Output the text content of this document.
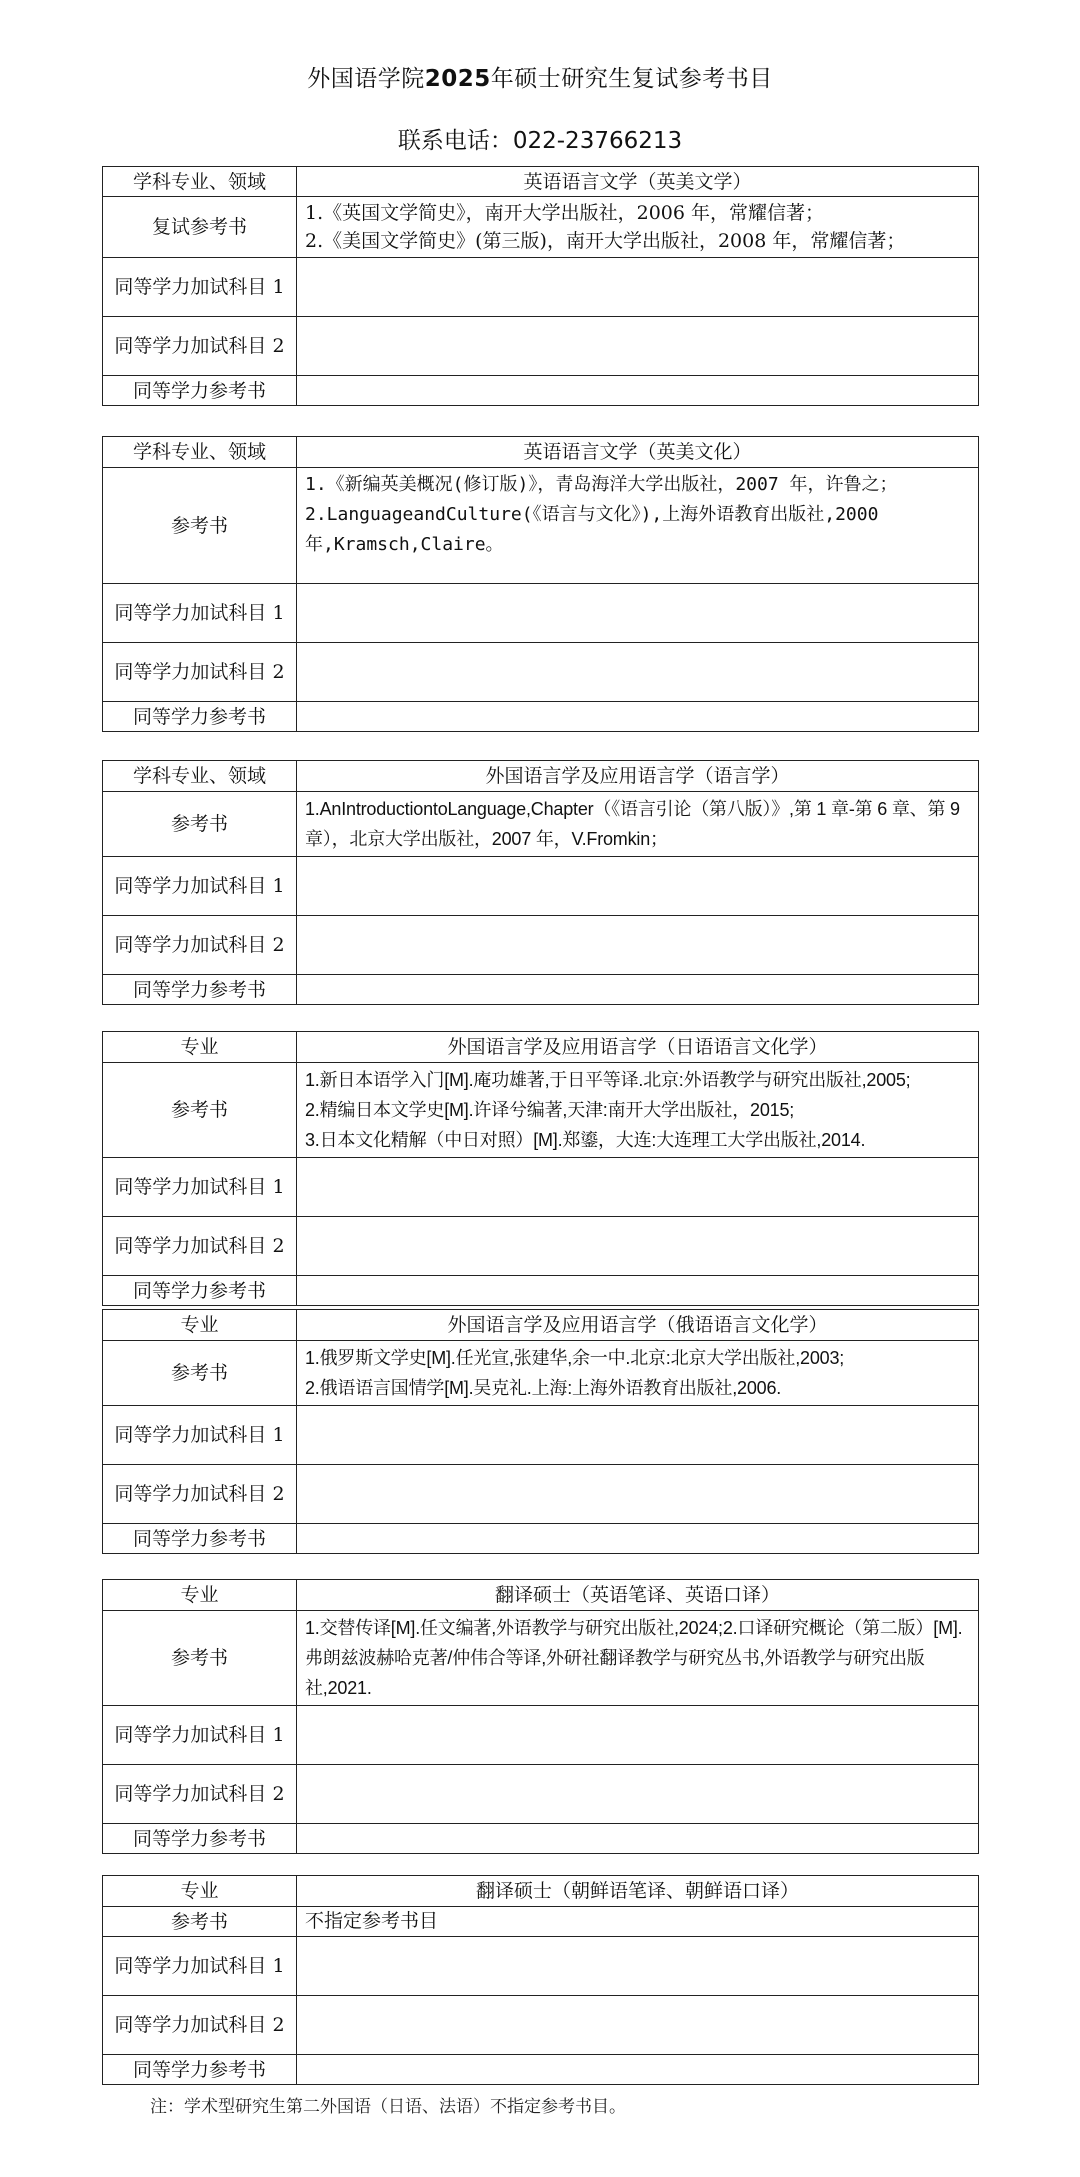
外国语学院2025年硕士研究生复试参考书目
联系电话：022-23766213
学科专业、领域	英语语言文学（英美文学）
复试参考书	1.《英国文学简史》，南开大学出版社，2006 年，常耀信著；
2.《美国文学简史》(第三版)，南开大学出版社，2008 年，常耀信著；

同等学力加试科目 1	
同等学力加试科目 2	
同等学力参考书	
学科专业、领域	英语语言文学（英美文化）
参考书	1.《新编英美概况(修订版)》，青岛海洋大学出版社，2007 年，许鲁之；
2.LanguageandCulture(《语言与文化》),上海外语教育出版社,2000 年,Kramsch,Claire。

同等学力加试科目 1	
同等学力加试科目 2	
同等学力参考书	
学科专业、领域	外国语言学及应用语言学（语言学）
参考书	1.AnIntroductiontoLanguage,Chapter（《语言引论（第八版）》,第 1 章-第 6 章、第 9 章），北京大学出版社，2007 年，V.Fromkin；

同等学力加试科目 1	
同等学力加试科目 2	
同等学力参考书	
专业	外国语言学及应用语言学（日语语言文化学）
参考书	1.新日本语学入门[M].庵功雄著,于日平等译.北京:外语教学与研究出版社,2005;
2.精编日本文学史[M].许译兮编著,天津:南开大学出版社，2015;
3.日本文化精解（中日对照）[M].郑鎏，大连:大连理工大学出版社,2014.

同等学力加试科目 1	
同等学力加试科目 2	
同等学力参考书	
专业	外国语言学及应用语言学（俄语语言文化学）
参考书	1.俄罗斯文学史[M].任光宣,张建华,余一中.北京:北京大学出版社,2003;
2.俄语语言国情学[M].吴克礼.上海:上海外语教育出版社,2006.

同等学力加试科目 1	
同等学力加试科目 2	
同等学力参考书	
专业	翻译硕士（英语笔译、英语口译）
参考书	1.交替传译[M].任文编著,外语教学与研究出版社,2024;2.口译研究概论（第二版）[M].弗朗兹波赫哈克著/仲伟合等译,外研社翻译教学与研究丛书,外语教学与研究出版社,2021.

同等学力加试科目 1	
同等学力加试科目 2	
同等学力参考书	
专业	翻译硕士（朝鲜语笔译、朝鲜语口译）
参考书	不指定参考书目

同等学力加试科目 1	
同等学力加试科目 2	
同等学力参考书	
注：学术型研究生第二外国语（日语、法语）不指定参考书目。
